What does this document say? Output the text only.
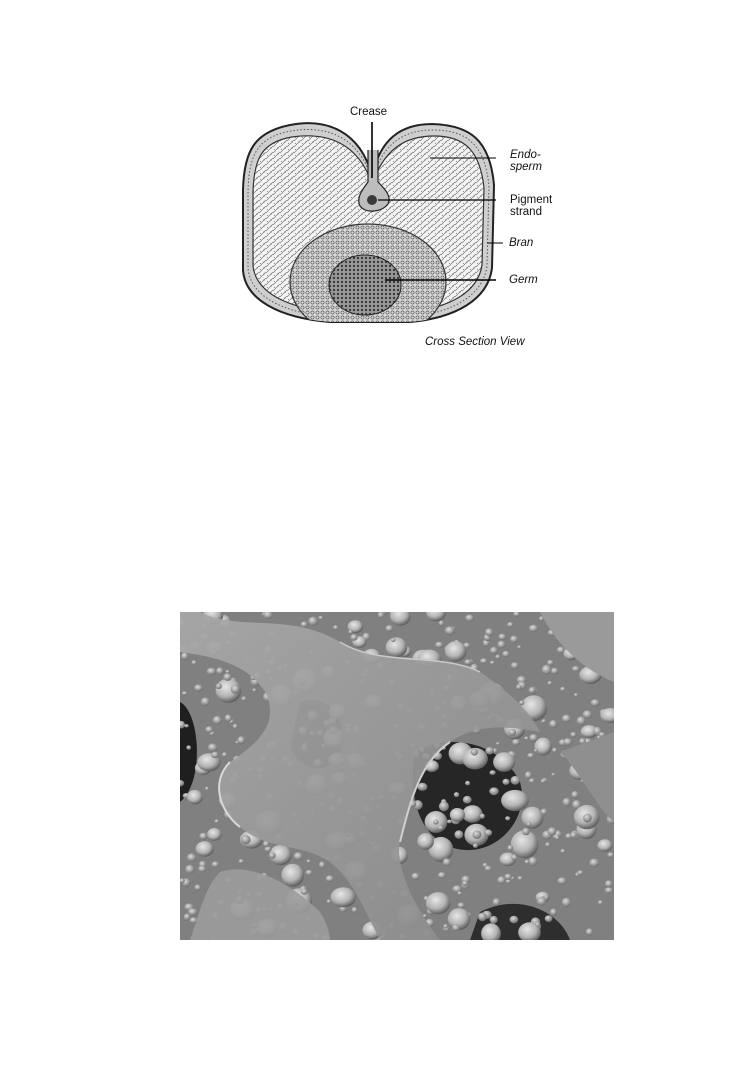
Crease
Endo-
sperm
Pigment
strand
Bran
Germ
Cross Section View
